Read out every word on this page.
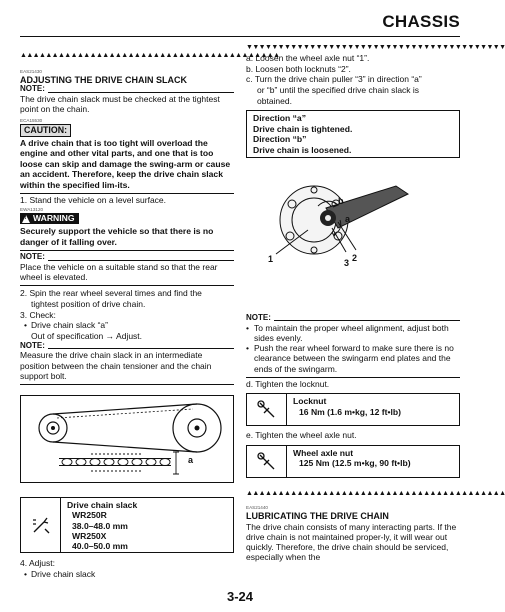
CHASSIS
▲▲▲▲▲▲▲▲▲▲▲▲▲▲▲▲▲▲▲▲▲▲▲▲▲▲▲▲▲▲▲▲▲▲▲▲▲▲▲▲▲
EAS21430
ADJUSTING THE DRIVE CHAIN SLACK
NOTE:
The drive chain slack must be checked at the tightest point on the chain.
ECA15530
CAUTION:
A drive chain that is too tight will overload the engine and other vital parts, and one that is too loose can skip and damage the swing-arm or cause an accident. Therefore, keep the drive chain slack within the specified lim-its.
1. Stand the vehicle on a level surface.
EWA13120
!
WARNING
Securely support the vehicle so that there is no danger of it falling over.
NOTE:
Place the vehicle on a suitable stand so that the rear wheel is elevated.
2. Spin the rear wheel several times and find the
tightest position of drive chain.
3. Check:
• Drive chain slack “a”
Out of specification → Adjust.
NOTE:
Measure the drive chain slack in an intermediate position between the chain tensioner and the chain support bolt.
a
Drive chain slack
WR250R
38.0–48.0 mm
WR250X
40.0–50.0 mm
4. Adjust:
• Drive chain slack
▼▼▼▼▼▼▼▼▼▼▼▼▼▼▼▼▼▼▼▼▼▼▼▼▼▼▼▼▼▼▼▼▼▼▼▼▼▼▼▼▼
a. Loosen the wheel axle nut “1”.
b. Loosen both locknuts “2”.
c. Turn the drive chain puller “3” in direction “a”
or “b” until the specified drive chain slack is
obtained.
Direction “a”
Drive chain is tightened.
Direction “b”
Drive chain is loosened.
b
a
1	3 2
NOTE:
• To maintain the proper wheel alignment, adjust both sides evenly.
• Push the rear wheel forward to make sure there is no clearance between the swingarm end plates and the ends of the swingarm.
d. Tighten the locknut.
Locknut
16 Nm (1.6 m•kg, 12 ft•lb)
e. Tighten the wheel axle nut.
Wheel axle nut
125 Nm (12.5 m•kg, 90 ft•lb)
▲▲▲▲▲▲▲▲▲▲▲▲▲▲▲▲▲▲▲▲▲▲▲▲▲▲▲▲▲▲▲▲▲▲▲▲▲▲▲▲▲
EAS21440
LUBRICATING THE DRIVE CHAIN
The drive chain consists of many interacting parts. If the drive chain is not maintained proper-ly, it will wear out quickly. Therefore, the drive chain should be serviced, especially when the
3-24
